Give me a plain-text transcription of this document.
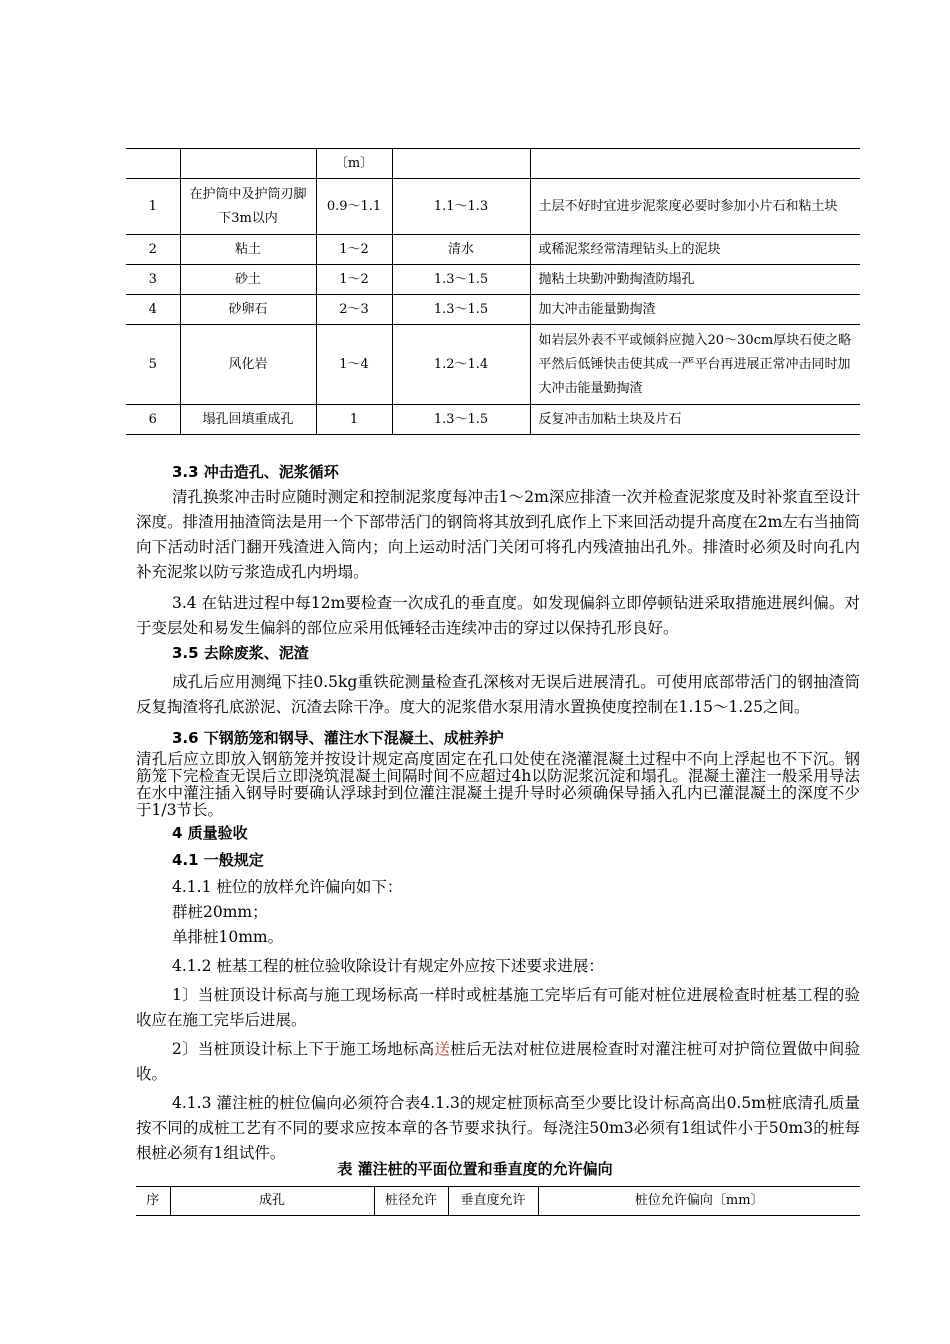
		〔m〕		
1	在护筒中及护筒刃脚下3m以内	0.9～1.1	1.1～1.3	土层不好时宜进步泥浆度必要时参加小片石和粘土块
2	粘土	1～2	清水	或稀泥浆经常清理钻头上的泥块
3	砂土	1～2	1.3～1.5	抛粘土块勤冲勤掏渣防塌孔
4	砂卵石	2～3	1.3～1.5	加大冲击能量勤掏渣
5	风化岩	1～4	1.2～1.4	如岩层外表不平或倾斜应抛入20～30cm厚块石使之略平然后低锤快击使其成一严平台再进展正常冲击同时加大冲击能量勤掏渣
6	塌孔回填重成孔	1	1.3～1.5	反复冲击加粘土块及片石
3.3 冲击造孔、泥浆循环

清孔换浆冲击时应随时测定和控制泥浆度每冲击1～2m深应排渣一次并检查泥浆度及时补浆直至设计深度。排渣用抽渣筒法是用一个下部带活门的钢筒将其放到孔底作上下来回活动提升高度在2m左右当抽筒向下活动时活门翻开残渣进入筒内；向上运动时活门关闭可将孔内残渣抽出孔外。排渣时必须及时向孔内补充泥浆以防亏浆造成孔内坍塌。

3.4 在钻进过程中每12m要检查一次成孔的垂直度。如发现偏斜立即停顿钻进采取措施进展纠偏。对于变层处和易发生偏斜的部位应采用低锤轻击连续冲击的穿过以保持孔形良好。

3.5 去除废浆、泥渣

成孔后应用测绳下挂0.5kg重铁砣测量检查孔深核对无误后进展清孔。可使用底部带活门的钢抽渣筒反复掏渣将孔底淤泥、沉渣去除干净。度大的泥浆借水泵用清水置换使度控制在1.15～1.25之间。

3.6 下钢筋笼和钢导、灌注水下混凝土、成桩养护

清孔后应立即放入钢筋笼并按设计规定高度固定在孔口处使在浇灌混凝土过程中不向上浮起也不下沉。钢筋笼下完检查无误后立即浇筑混凝土间隔时间不应超过4h以防泥浆沉淀和塌孔。混凝土灌注一般采用导法在水中灌注插入钢导时要确认浮球封到位灌注混凝土提升导时必须确保导插入孔内已灌混凝土的深度不少于1/3节长。

4 质量验收
4.1 一般规定

4.1.1 桩位的放样允许偏向如下：

群桩20mm；

单排桩10mm。

4.1.2 桩基工程的桩位验收除设计有规定外应按下述要求进展：

1〕当桩顶设计标高与施工现场标高一样时或桩基施工完毕后有可能对桩位进展检查时桩基工程的验收应在施工完毕后进展。

2〕当桩顶设计标上下于施工场地标高送桩后无法对桩位进展检查时对灌注桩可对护筒位置做中间验收。

4.1.3 灌注桩的桩位偏向必须符合表4.1.3的规定桩顶标高至少要比设计标高高出0.5m桩底清孔质量按不同的成桩工艺有不同的要求应按本章的各节要求执行。每浇注50m3必须有1组试件小于50m3的桩每根桩必须有1组试件。

表 灌注桩的平面位置和垂直度的允许偏向
序	成孔	桩径允许	垂直度允许	桩位允许偏向〔mm〕
